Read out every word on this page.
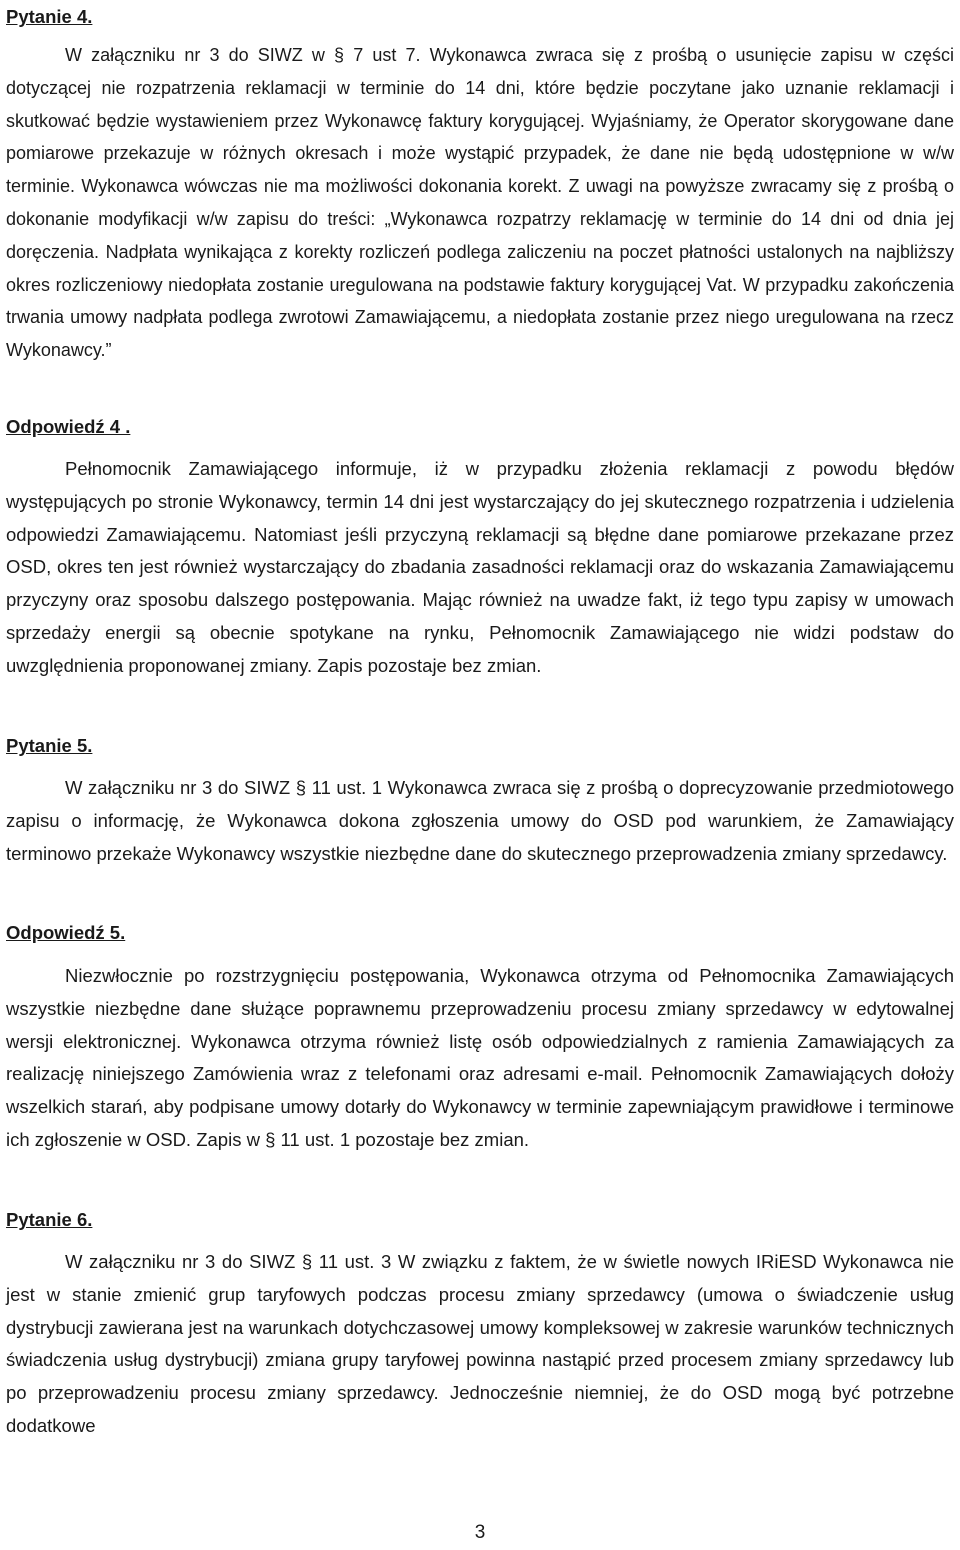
Pytanie 4.

W załączniku nr 3 do SIWZ w § 7 ust 7. Wykonawca zwraca się z prośbą o usunięcie zapisu w części dotyczącej nie rozpatrzenia reklamacji w terminie do 14 dni, które będzie poczytane jako uznanie reklamacji i skutkować będzie wystawieniem przez Wykonawcę faktury korygującej. Wyjaśniamy, że Operator skorygowane dane pomiarowe przekazuje w różnych okresach i może wystąpić przypadek, że dane nie będą udostępnione w w/w terminie. Wykonawca wówczas nie ma możliwości dokonania korekt. Z uwagi na powyższe zwracamy się z prośbą o dokonanie modyfikacji w/w zapisu do treści: „Wykonawca rozpatrzy reklamację w terminie do 14 dni od dnia jej doręczenia. Nadpłata wynikająca z korekty rozliczeń podlega zaliczeniu na poczet płatności ustalonych na najbliższy okres rozliczeniowy niedopłata zostanie uregulowana na podstawie faktury korygującej Vat. W przypadku zakończenia trwania umowy nadpłata podlega zwrotowi Zamawiającemu, a niedopłata zostanie przez niego uregulowana na rzecz Wykonawcy.”

Odpowiedź 4 .

Pełnomocnik Zamawiającego informuje, iż w przypadku złożenia reklamacji z powodu błędów występujących po stronie Wykonawcy, termin 14 dni jest wystarczający do jej skutecznego rozpatrzenia i udzielenia odpowiedzi Zamawiającemu. Natomiast jeśli przyczyną reklamacji są błędne dane pomiarowe przekazane przez OSD, okres ten jest również wystarczający do zbadania zasadności reklamacji oraz do wskazania Zamawiającemu przyczyny oraz sposobu dalszego postępowania. Mając również na uwadze fakt, iż tego typu zapisy w umowach sprzedaży energii są obecnie spotykane na rynku, Pełnomocnik Zamawiającego nie widzi podstaw do uwzględnienia proponowanej zmiany. Zapis pozostaje bez zmian.

Pytanie 5.

W załączniku nr 3 do SIWZ § 11 ust. 1 Wykonawca zwraca się z prośbą o doprecyzowanie przedmiotowego zapisu o informację, że Wykonawca dokona zgłoszenia umowy do OSD pod warunkiem, że Zamawiający terminowo przekaże Wykonawcy wszystkie niezbędne dane do skutecznego przeprowadzenia zmiany sprzedawcy.

Odpowiedź 5.

Niezwłocznie po rozstrzygnięciu postępowania, Wykonawca otrzyma od Pełnomocnika Zamawiających wszystkie niezbędne dane służące poprawnemu przeprowadzeniu procesu zmiany sprzedawcy w edytowalnej wersji elektronicznej. Wykonawca otrzyma również listę osób odpowiedzialnych z ramienia Zamawiających za realizację niniejszego Zamówienia wraz z telefonami oraz adresami e-mail. Pełnomocnik Zamawiających dołoży wszelkich starań, aby podpisane umowy dotarły do Wykonawcy w terminie zapewniającym prawidłowe i terminowe ich zgłoszenie w OSD. Zapis w § 11 ust. 1 pozostaje bez zmian.

Pytanie 6.

W załączniku nr 3 do SIWZ § 11 ust. 3 W związku z faktem, że w świetle nowych IRiESD Wykonawca nie jest w stanie zmienić grup taryfowych podczas procesu zmiany sprzedawcy (umowa o świadczenie usług dystrybucji zawierana jest na warunkach dotychczasowej umowy kompleksowej w zakresie warunków technicznych świadczenia usług dystrybucji) zmiana grupy taryfowej powinna nastąpić przed procesem zmiany sprzedawcy lub po przeprowadzeniu procesu zmiany sprzedawcy. Jednocześnie niemniej, że do OSD mogą być potrzebne dodatkowe

3
